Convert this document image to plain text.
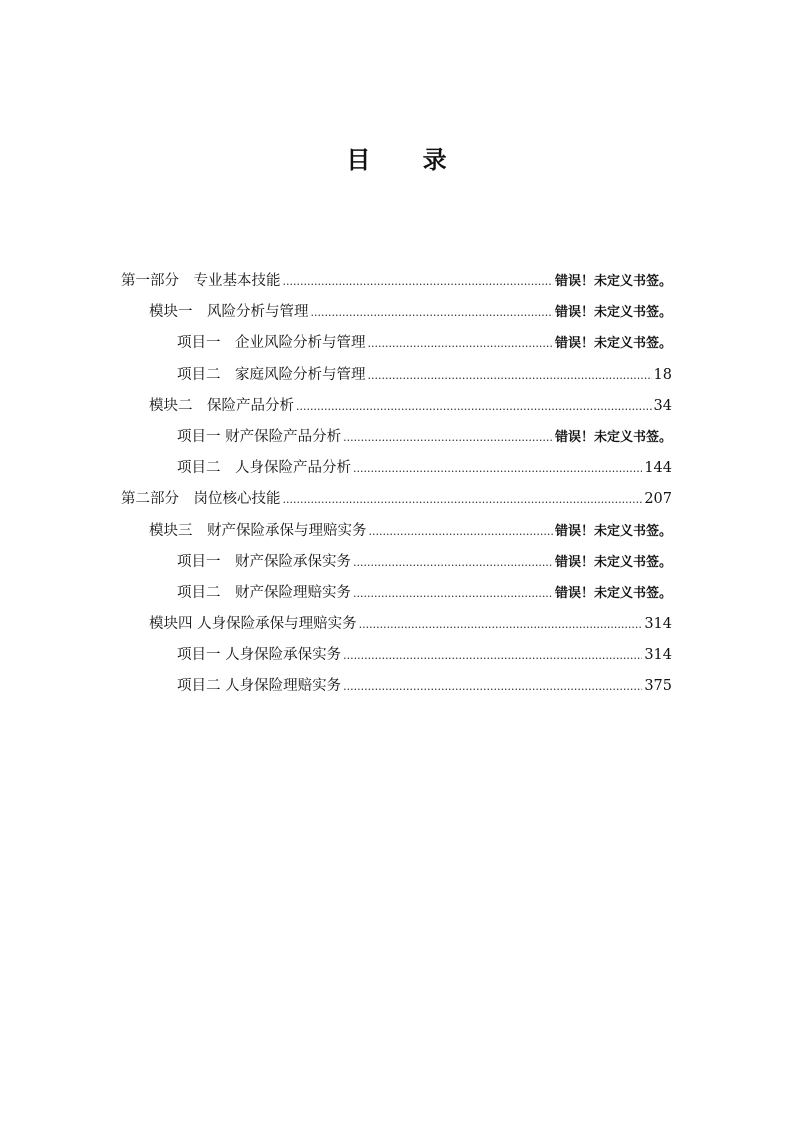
目 录
第一部分　专业基本技能 .....	错误！未定义书签。
模块一　风险分析与管理 .....	错误！未定义书签。
项目一　企业风险分析与管理 .....	错误！未定义书签。
项目二　家庭风险分析与管理 .....	18
模块二　保险产品分析 .....	34
项目一 财产保险产品分析 .....	错误！未定义书签。
项目二　人身保险产品分析 .....	144
第二部分　岗位核心技能 .....	207
模块三　财产保险承保与理赔实务 .....	错误！未定义书签。
项目一　财产保险承保实务 .....	错误！未定义书签。
项目二　财产保险理赔实务 .....	错误！未定义书签。
模块四 人身保险承保与理赔实务 .....	314
项目一 人身保险承保实务 .....	314
项目二 人身保险理赔实务 .....	375
